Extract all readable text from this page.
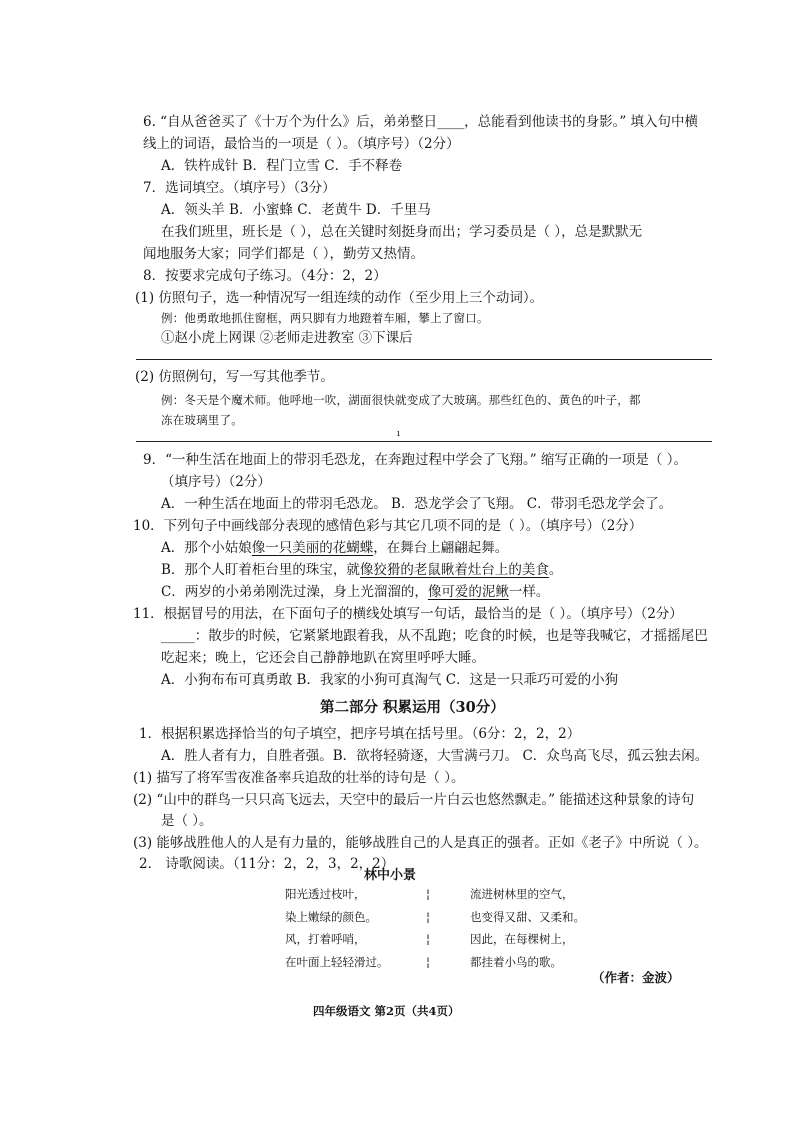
6. “自从爸爸买了《十万个为什么》后，弟弟整日____，总能看到他读书的身影。” 填入句中横
线上的词语，最恰当的一项是（ ）。（填序号）（2分）
A．铁杵成针 B．程门立雪 C．手不释卷
7．选词填空。（填序号）（3分）
A．领头羊 B．小蜜蜂 C．老黄牛 D．千里马
在我们班里，班长是（ ），总在关键时刻挺身而出；学习委员是（ ），总是默默无
闻地服务大家；同学们都是（ ），勤劳又热情。
8．按要求完成句子练习。（4分：2，2）
(1) 仿照句子，选一种情况写一组连续的动作（至少用上三个动词）。
例：他勇敢地抓住窗框，两只脚有力地蹬着车厢，攀上了窗口。
①赵小虎上网课 ②老师走进教室 ③下课后
(2) 仿照例句，写一写其他季节。
例：冬天是个魔术师。他呼地一吹，湖面很快就变成了大玻璃。那些红色的、黄色的叶子，都
冻在玻璃里了。
ı
9．“一种生活在地面上的带羽毛恐龙，在奔跑过程中学会了飞翔。” 缩写正确的一项是（ ）。
（填序号）（2分）
A．一种生活在地面上的带羽毛恐龙。 B．恐龙学会了飞翔。 C．带羽毛恐龙学会了。
10．下列句子中画线部分表现的感情色彩与其它几项不同的是（ ）。（填序号）（2分）
A．那个小姑娘像一只美丽的花蝴蝶，在舞台上翩翩起舞。
B．那个人盯着柜台里的珠宝，就像狡猾的老鼠瞅着灶台上的美食。
C．两岁的小弟弟刚洗过澡，身上光溜溜的，像可爱的泥鳅一样。
11．根据冒号的用法，在下面句子的横线处填写一句话，最恰当的是（ ）。（填序号）（2分）
_____：散步的时候，它紧紧地跟着我，从不乱跑；吃食的时候，也是等我喊它，才摇摇尾巴
吃起来；晚上，它还会自己静静地趴在窝里呼呼大睡。
A．小狗布布可真勇敢 B．我家的小狗可真淘气 C．这是一只乖巧可爱的小狗
第二部分 积累运用（30分）
1．根据积累选择恰当的句子填空，把序号填在括号里。（6分：2，2，2）
A．胜人者有力，自胜者强。B．欲将轻骑逐，大雪满弓刀。 C．众鸟高飞尽，孤云独去闲。
(1) 描写了将军雪夜准备率兵追敌的壮举的诗句是（ ）。
(2) “山中的群鸟一只只高飞远去，天空中的最后一片白云也悠然飘走。” 能描述这种景象的诗句
是（ ）。
(3) 能够战胜他人的人是有力量的，能够战胜自己的人是真正的强者。正如《老子》中所说（ ）。
2． 诗歌阅读。（11分：2，2，3，2，2）
林中小景
阳光透过枝叶，
染上嫩绿的颜色。
风，打着呼哨，
在叶面上轻轻滑过。
¦
¦
¦
¦
流进树林里的空气，
也变得又甜、又柔和。
因此，在每棵树上，
都挂着小鸟的歌。
（作者：金波）
四年级语文 第2页（共4页）
